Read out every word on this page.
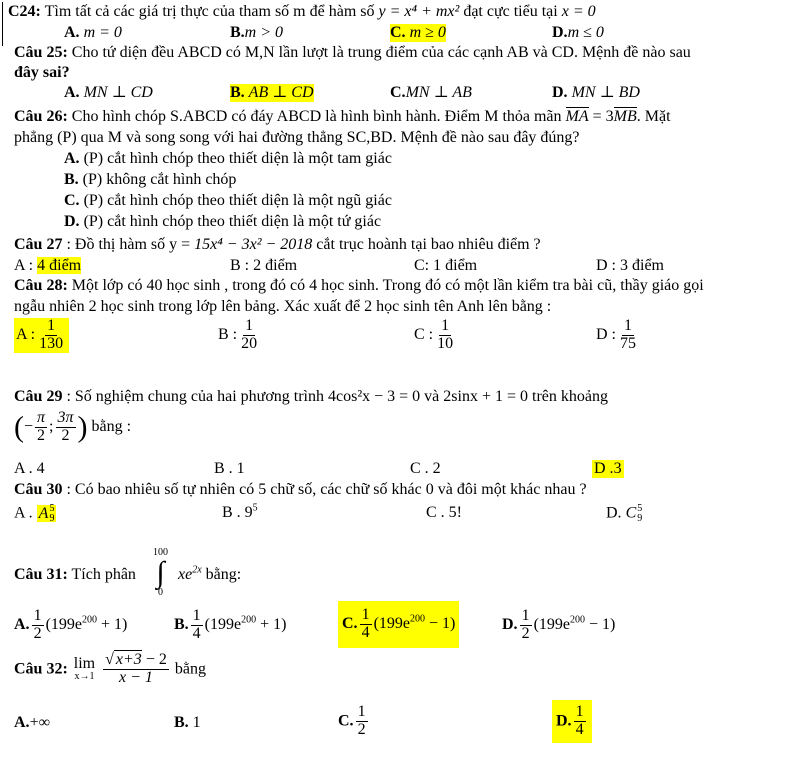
C24: Tìm tất cả các giá trị thực của tham số m để hàm số y = x⁴ + mx² đạt cực tiểu tại x = 0
A. m = 0	B.m > 0	C. m ≥ 0	D.m ≤ 0
Câu 25: Cho tứ diện đều ABCD có M,N lần lượt là trung điểm của các cạnh AB và CD. Mệnh đề nào sau
đây sai?
A. MN ⊥ CD	B. AB ⊥ CD	C.MN ⊥ AB	D. MN ⊥ BD
Câu 26: Cho hình chóp S.ABCD có đáy ABCD là hình bình hành. Điểm M thỏa mãn MA = 3MB. Mặt
phẳng (P) qua M và song song với hai đường thẳng SC,BD. Mệnh đề nào sau đây đúng?
A. (P) cắt hình chóp theo thiết diện là một tam giác
B. (P) không cắt hình chóp
C. (P) cắt hình chóp theo thiết diện là một ngũ giác
D. (P) cắt hình chóp theo thiết diện là một tứ giác
Câu 27 : Đồ thị hàm số y = 15x⁴ − 3x² − 2018 cắt trục hoành tại bao nhiêu điểm ?
A : 4 điểm	B : 2 điểm	C: 1 điểm	D : 3 điểm
Câu 28: Một lớp có 40 học sinh , trong đó có 4 học sinh. Trong đó có một lần kiểm tra bài cũ, thầy giáo gọi
ngẫu nhiên 2 học sinh trong lớp lên bảng. Xác xuất để 2 học sinh tên Anh lên bằng :
A : $\frac{1}{130}$	B : $\frac{1}{20}$	C : $\frac{1}{10}$	D : $\frac{1}{75}$
Câu 29 : Số nghiệm chung của hai phương trình 4cos²x − 3 = 0 và 2sinx + 1 = 0 trên khoảng
(− $\frac{\pi}{2}$ ; $\frac{3\pi}{2}$ ) bằng :
A . 4	B . 1	C . 2	D .3
Câu 30 : Có bao nhiêu số tự nhiên có 5 chữ số, các chữ số khác 0 và đôi một khác nhau ?
A . A 5
9	B . $9^5$	C . 5!	D. C 5
9
Câu 31: Tích phân
100
∫
0
$xe^{2x}$ bằng:
A. $\frac{1}{2} (199e^{200} + 1)$	B. $\frac{1}{4} (199e^{200} + 1)$	C. $\frac{1}{4} (199e^{200} - 1)$	D. $\frac{1}{2} (199e^{200} - 1)$
Câu 32: lim
x→1
$\frac{√ x+3 - 2}{x - 1}$ bằng
A.+∞	B. 1	C. $\frac{1}{2}$	D. $\frac{1}{4}$
